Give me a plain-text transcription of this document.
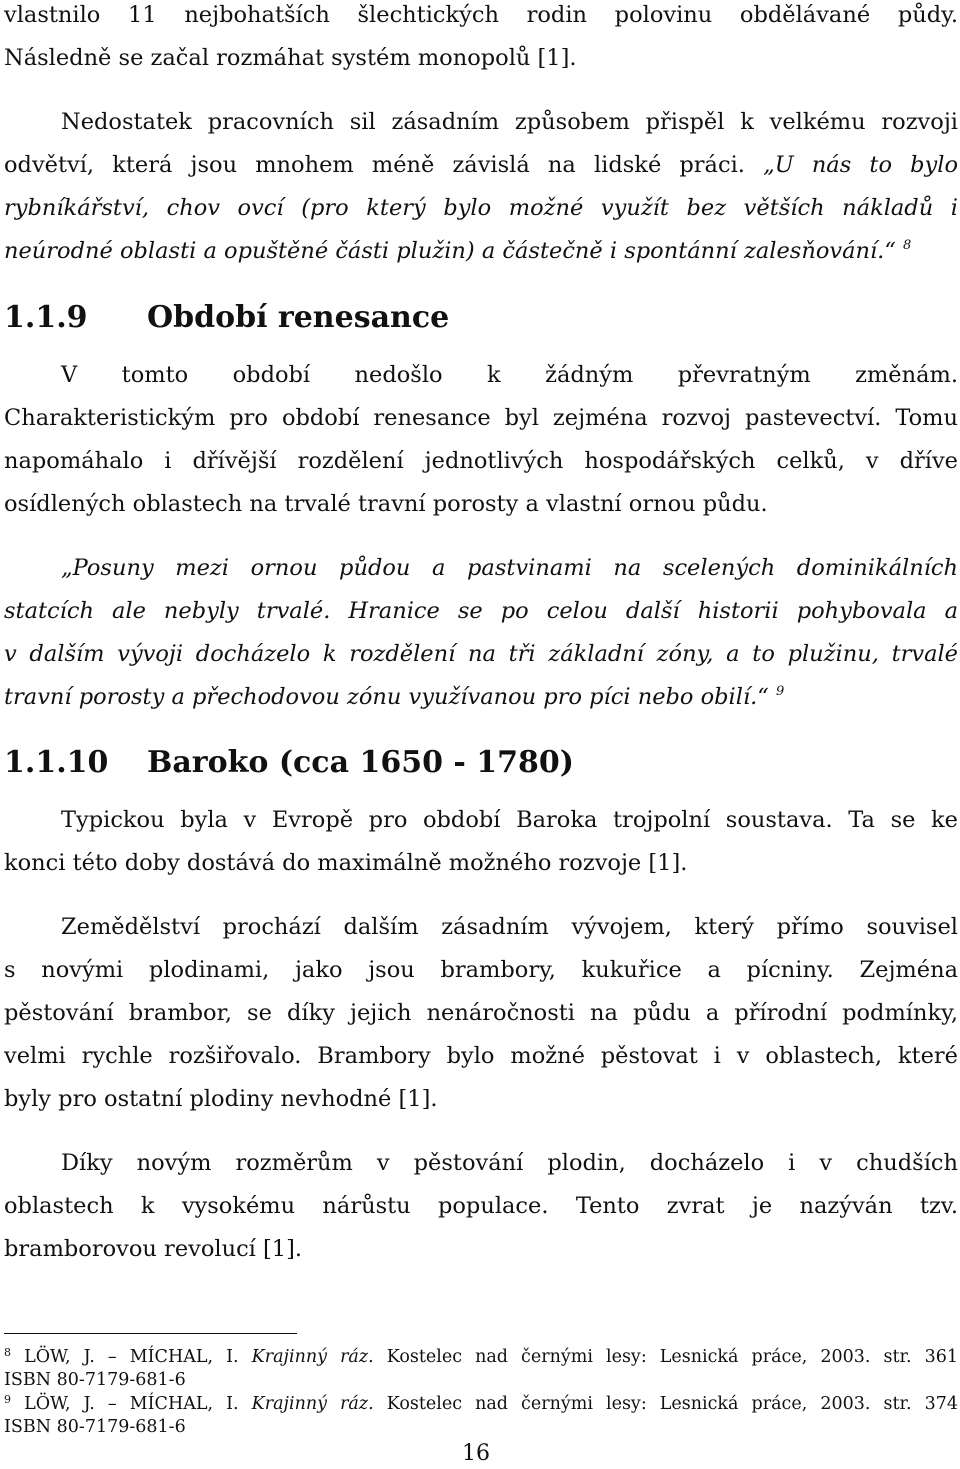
vlastnilo 11 nejbohatších šlechtických rodin polovinu obdělávané půdy.
Následně se začal rozmáhat systém monopolů [1].
Nedostatek pracovních sil zásadním způsobem přispěl k velkému rozvoji
odvětví, která jsou mnohem méně závislá na lidské práci. „U nás to bylo
rybníkářství, chov ovcí (pro který bylo možné využít bez větších nákladů i
neúrodné oblasti a opuštěné části plužin) a částečně i spontánní zalesňování.“ $^8$
1.1.9 Období renesance
V tomto období nedošlo k žádným převratným změnám.
Charakteristickým pro období renesance byl zejména rozvoj pastevectví. Tomu
napomáhalo i dřívější rozdělení jednotlivých hospodářských celků, v dříve
osídlených oblastech na trvalé travní porosty a vlastní ornou půdu.
„Posuny mezi ornou půdou a pastvinami na scelených dominikálních
statcích ale nebyly trvalé. Hranice se po celou další historii pohybovala a
v dalším vývoji docházelo k rozdělení na tři základní zóny, a to plužinu, trvalé
travní porosty a přechodovou zónu využívanou pro píci nebo obilí.“ $^9$
1.1.10 Baroko (cca 1650 - 1780)
Typickou byla v Evropě pro období Baroka trojpolní soustava. Ta se ke
konci této doby dostává do maximálně možného rozvoje [1].
Zemědělství prochází dalším zásadním vývojem, který přímo souvisel
s novými plodinami, jako jsou brambory, kukuřice a pícniny. Zejména
pěstování brambor, se díky jejich nenáročnosti na půdu a přírodní podmínky,
velmi rychle rozšiřovalo. Brambory bylo možné pěstovat i v oblastech, které
byly pro ostatní plodiny nevhodné [1].
Díky novým rozměrům v pěstování plodin, docházelo i v chudších
oblastech k vysokému nárůstu populace. Tento zvrat je nazýván tzv.
bramborovou revolucí [1].
$^8$ LÖW, J. – MÍCHAL, I. Krajinný ráz. Kostelec nad černými lesy: Lesnická práce, 2003. str. 361
ISBN 80-7179-681-6
$^9$ LÖW, J. – MÍCHAL, I. Krajinný ráz. Kostelec nad černými lesy: Lesnická práce, 2003. str. 374
ISBN 80-7179-681-6
16
